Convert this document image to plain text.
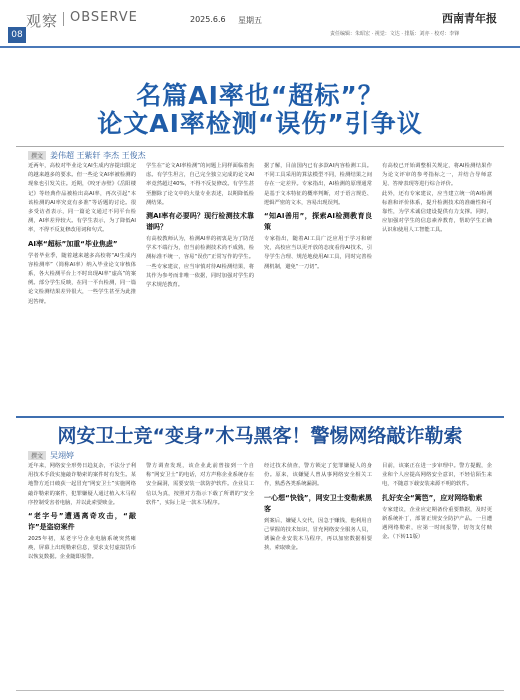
观察 OBSERVE
08
2025.6.6 星期五	西南青年报
责任编辑：朱昭宏 · 视觉：文达 · 排版：刘亦 · 校对：李锋
名篇AI率也“超标”？
论文AI率检测“误伤”引争议
撰文 姜伟超 王紫轩 李杰 王俊杰

近两年，高校对毕业论文AI生成内容提出限定的越来越多的要求。但一些论文AI率被检测的现象也引发关注。近期，《咬牙赤壁》《岳阳楼记》等经典作品被检出高AI率，再次引起“本该检测的AI率究竟有多准”等话题的讨论。很多受访者表示，同一篇论文通过不同平台检测，AI率差异较大。有学生表示，为了降低AI率，不得不反复修改用词和句式。

AI率“超标”加重“毕业焦虑”

学者毕业季，随着越来越多高校将“AI生成内容检测率”（简称AI率）纳入毕业论文审核体系，各大检测平台上不时出现AI率“虚高”的案例。部分学生反映，在同一平台检测，同一篇论文检测结果差异很大，一些学生甚至为此推迟答辩。

学生在“论文AI率检测”的问题上同样面临着焦虑。有学生坦言，自己完全独立完成的论文AI率竟然超过40%，不得不反复修改。有学生甚至删除了论文中的大量专业表述，以期降低检测结果。

测AI率有必要吗？现行检测技术靠谱吗？

有高校教师认为，检测AI率的初衷是为了防范学术不端行为，但当前检测技术尚不成熟，检测标准不统一，容易“误伤”正常写作的学生。一些专家建议，应当审慎对待AI检测结果，将其作为参考而非唯一依据，同时加强对学生的学术规范教育。

据了解，目前国内已有多款AI内容检测工具。不同工具采用的算法模型不同，检测结果之间存在一定差异。专家指出，AI检测的原理通常是基于文本特征的概率判断，对于语言规范、逻辑严密的文本，容易出现误判。

“知AI善用”，探索AI检测教育良策

专家指出，随着AI工具广泛应用于学习和研究，高校应当以更开放的态度看待AI技术，引导学生合理、规范地使用AI工具，同时完善检测机制，避免“一刀切”。

有高校已开始调整相关规定，将AI检测结果作为论文评审的参考指标之一，并结合导师意见、答辩表现等进行综合评价。

此外，还有专家建议，应当建立统一的AI检测标准和评价体系，提升检测技术的准确性和可靠性，为学术诚信建设提供有力支撑。同时，应加强对学生的信息素养教育，帮助学生正确认识和使用人工智能工具。

网安卫士竞“变身”木马黑客！警惕网络敲诈勒索
撰文 吴翊婷

近年来，网络安全形势日趋复杂，不法分子利用技术手段实施敲诈勒索的案件时有发生。某地警方近日破获一起冒充“网安卫士”实施网络敲诈勒索的案件，犯罪嫌疑人通过植入木马程序控制受害者电脑，并以此索要赎金。

“老字号”遭遇离奇攻击，“敲诈”是盗窃案件

2025年初，某老字号企业电脑系统突然瘫痪，屏幕上出现勒索信息，要求支付虚拟货币以恢复数据。企业随即报警。

警方调查发现，该企业此前曾接到一个自称“网安卫士”的电话，对方声称企业系统存在安全漏洞，需要安装一款防护软件。企业员工信以为真，按照对方指示下载了所谓的“安全软件”，实际上是一款木马程序。

经过技术侦查，警方锁定了犯罪嫌疑人的身份。原来，该嫌疑人曾从事网络安全相关工作，熟悉各类系统漏洞。

一心想“快钱”，网安卫士变勒索黑客

到案后，嫌疑人交代，因急于赚钱，他利用自己掌握的技术知识，冒充网络安全服务人员，诱骗企业安装木马程序，再以加密数据相要挟，索取赎金。

目前，该案正在进一步审理中。警方提醒，企业和个人应提高网络安全意识，不轻信陌生来电，不随意下载安装来源不明的软件。

扎好安全“篱笆”，应对网络勒索

专家建议，企业应定期备份重要数据，及时更新系统补丁，部署正规安全防护产品。一旦遭遇网络勒索，应第一时间报警，切勿支付赎金。（下转11版）
